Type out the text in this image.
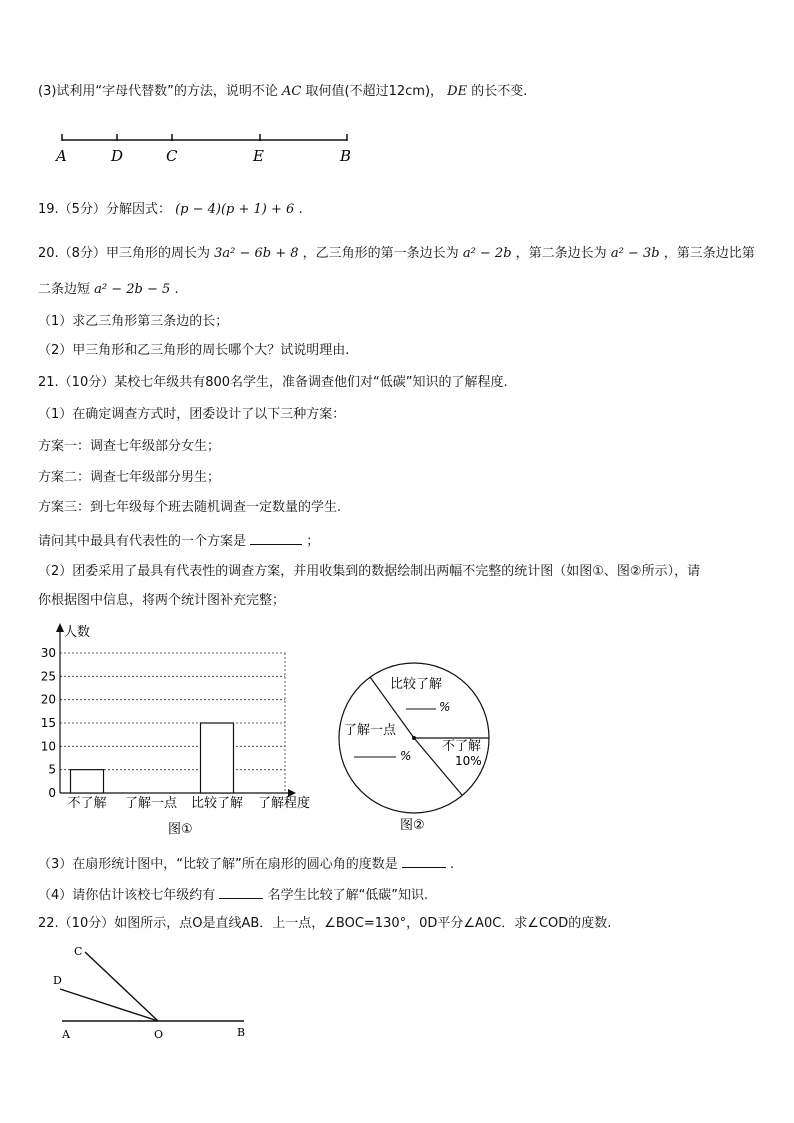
(3)试利用“字母代替数”的方法，说明不论 AC 取何值(不超过12cm)， DE 的长不变.
A	D	C	E	B
19.（5分）分解因式： (p − 4)(p + 1) + 6 .
20.（8分）甲三角形的周长为 3a² − 6b + 8 ，乙三角形的第一条边长为 a² − 2b ，第二条边长为 a² − 3b ，第三条边比第
二条边短 a² − 2b − 5 .
（1）求乙三角形第三条边的长；
（2）甲三角形和乙三角形的周长哪个大？试说明理由.
21.（10分）某校七年级共有800名学生，准备调查他们对“低碳”知识的了解程度.
（1）在确定调查方式时，团委设计了以下三种方案：
方案一：调查七年级部分女生；
方案二：调查七年级部分男生；
方案三：到七年级每个班去随机调查一定数量的学生.
请问其中最具有代表性的一个方案是	；
（2）团委采用了最具有代表性的调查方案，并用收集到的数据绘制出两幅不完整的统计图（如图①、图②所示），请
你根据图中信息，将两个统计图补充完整；
0
5
10
15
20
25
30
人数
不了解 了解一点 比较了解 了解程度
图①
比较了解
%
了解一点
%
不了解
10%
图②
（3）在扇形统计图中，“比较了解”所在扇形的圆心角的度数是	.
（4）请你估计该校七年级约有	名学生比较了解“低碳”知识.
22.（10分）如图所示，点O是直线AB．上一点，∠BOC=130°，0D平分∠A0C．求∠COD的度数.
C
D
A	O	B
